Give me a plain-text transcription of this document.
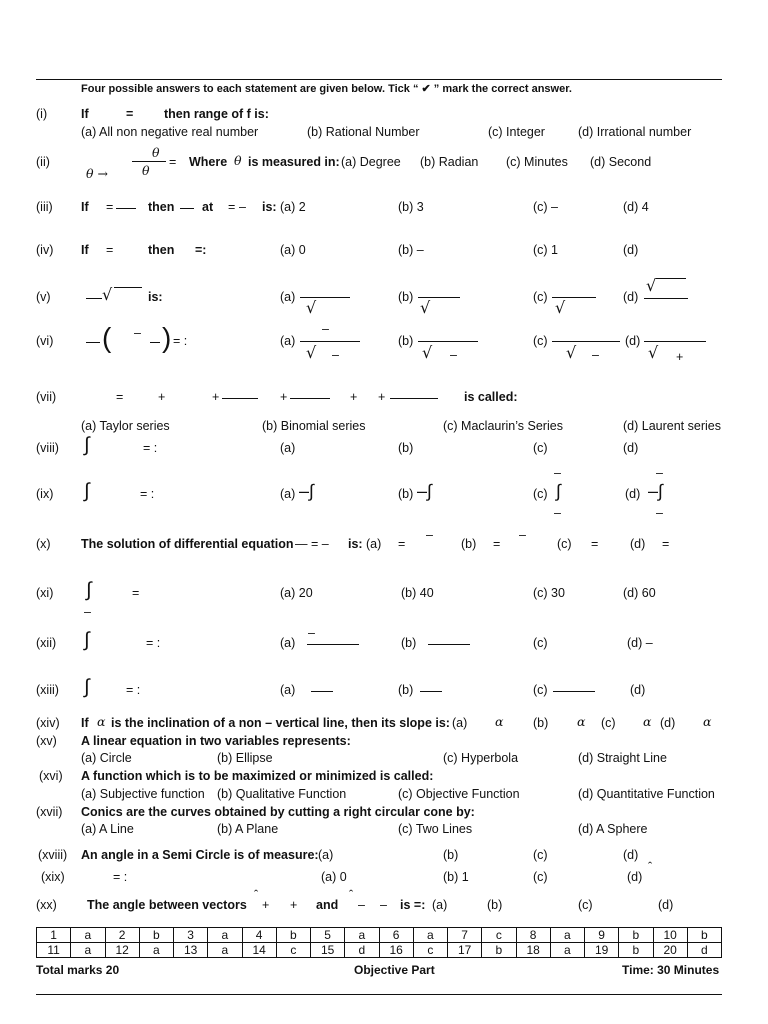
Four possible answers to each statement are given below. Tick “ ✔ ” mark the correct answer.
(i)	If	= then range of f is:
(a) All non negative real number	(b) Rational Number	(c) Integer	(d) Irrational number
(ii)
θ →
θ
θ
= Where θ is measured in: (a) Degree (b) Radian (c) Minutes (d) Second
(iii) If =	then at = – is: (a) 2	(b) 3	(c) –	(d) 4
(iv) If =	then =:	(a) 0	(b) –	(c) 1	(d)
(v)	√	is:	(a)
√
(b)
√
(c)
√
(d)
√
(vi) ( – ) = :	(a)
–
√ –
(b)
√ –
(c)
√ –
(d)
√ +
(vii)	=	+	+	+	+ +	is called:
(a) Taylor series	(b) Binomial series	(c) Maclaurin’s Series	(d) Laurent series
(viii) ∫	= :	(a)	(b)	(c)	(d)
(ix) ∫	= :	(a) –∫	(b) –∫	(c)
–
∫
–
(d)
–
–∫
–
(x) The solution of differential equation — = – is: (a) =
–
(b) =
–
(c) =	(d) =
(xi) ∫
–
=	(a) 20	(b) 40	(c) 30	(d) 60
(xii) ∫	= :	(a)
–
(b)	(c)	(d) –
(xiii) ∫	= :	(a)	(b)	(c)	(d)
(xiv) If α is the inclination of a non – vertical line, then its slope is: (a) α (b) α (c) α (d) α
(xv) A linear equation in two variables represents:
(a) Circle	(b) Ellipse	(c) Hyperbola	(d) Straight Line
(xvi) A function which is to be maximized or minimized is called:
(a) Subjective function (b) Qualitative Function	(c) Objective Function	(d) Quantitative Function
(xvii) Conics are the curves obtained by cutting a right circular cone by:
(a) A Line	(b) A Plane	(c) Two Lines	(d) A Sphere
(xviii) An angle in a Semi Circle is of measure: (a)	(b)	(c)	(d)
(xix)	= :	(a) 0	(b) 1	(c)	(d)
ˆ
(xx) The angle between vectors
ˆ
+ + and
ˆ
– – is =: (a)	(b)	(c)	(d)
1	a	2	b	3	a	4	b	5	a	6	a	7	c	8	a	9	b	10	b
11	a	12	a	13	a	14	c	15	d	16	c	17	b	18	a	19	b	20	d
Total marks 20	Objective Part	Time: 30 Minutes
